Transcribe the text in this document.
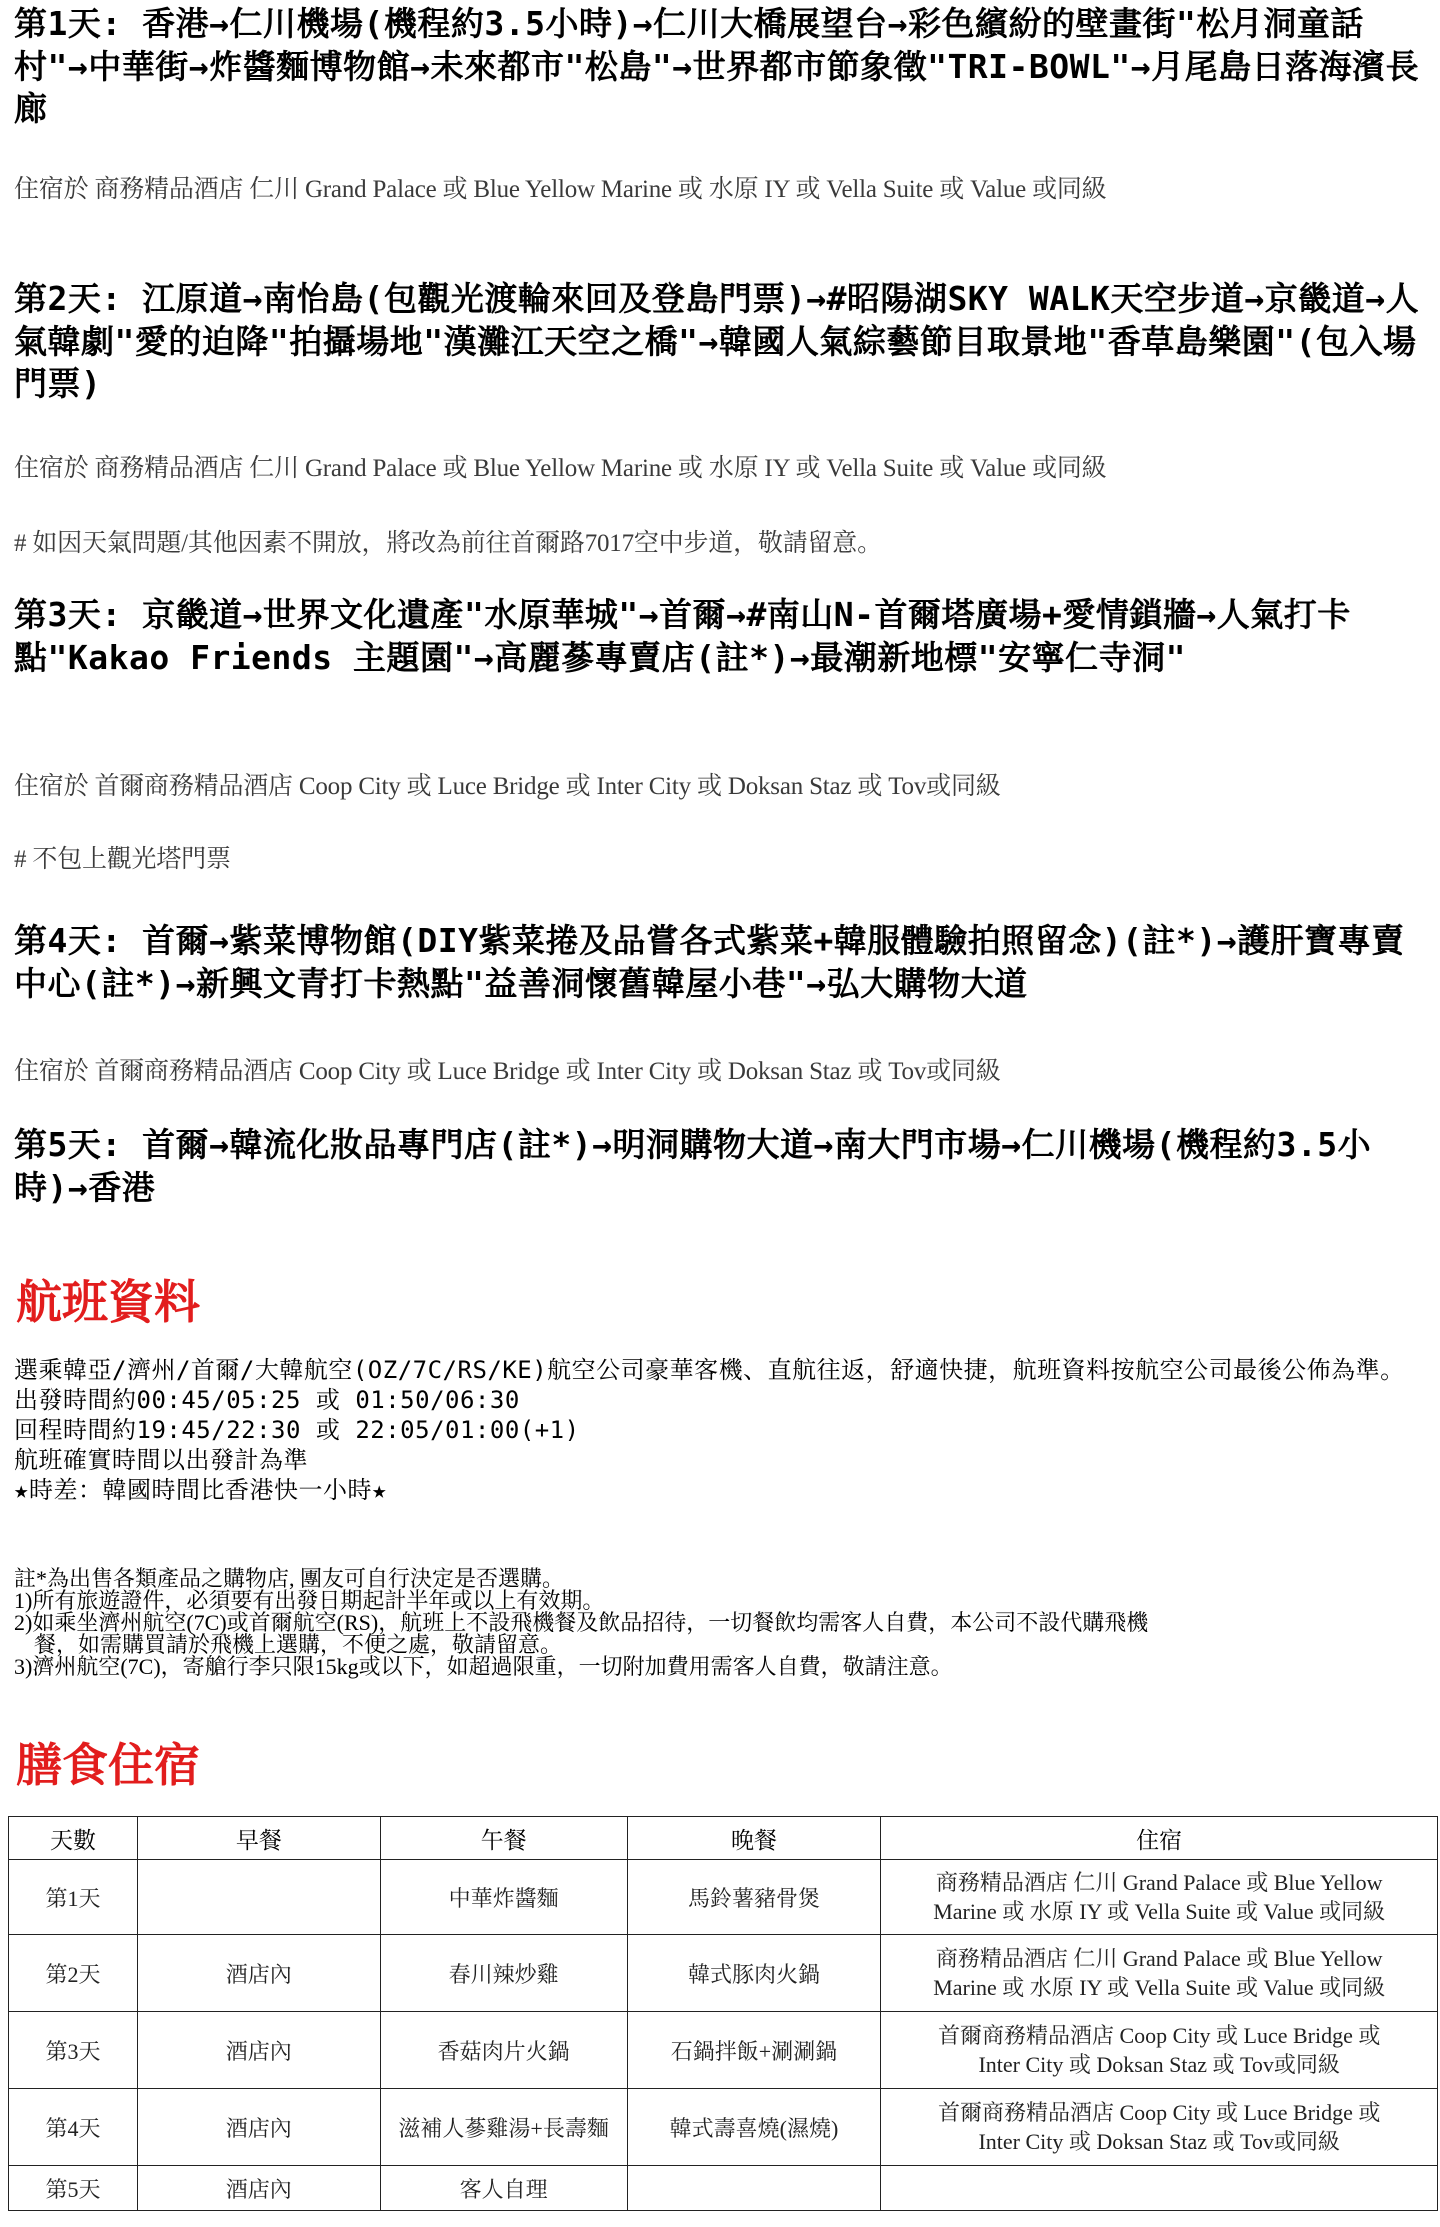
第1天: 香港→仁川機場(機程約3.5小時)→仁川大橋展望台→彩色繽紛的壁畫街"松月洞童話村"→中華街→炸醬麵博物館→未來都市"松島"→世界都市節象徵"TRI-BOWL"→月尾島日落海濱長廊

住宿於 商務精品酒店 仁川 Grand Palace 或 Blue Yellow Marine 或 水原 IY 或 Vella Suite 或 Value 或同級

第2天: 江原道→南怡島(包觀光渡輪來回及登島門票)→#昭陽湖SKY WALK天空步道→京畿道→人氣韓劇"愛的迫降"拍攝場地"漢灘江天空之橋"→韓國人氣綜藝節目取景地"香草島樂園"(包入場門票)

住宿於 商務精品酒店 仁川 Grand Palace 或 Blue Yellow Marine 或 水原 IY 或 Vella Suite 或 Value 或同級

# 如因天氣問題/其他因素不開放，將改為前往首爾路7017空中步道，敬請留意。

第3天: 京畿道→世界文化遺產"水原華城"→首爾→#南山N-首爾塔廣場+愛情鎖牆→人氣打卡點"Kakao Friends 主題園"→高麗蔘專賣店(註*)→最潮新地標"安寧仁寺洞"

住宿於 首爾商務精品酒店 Coop City 或 Luce Bridge 或 Inter City 或 Doksan Staz 或 Tov或同級

# 不包上觀光塔門票

第4天: 首爾→紫菜博物館(DIY紫菜捲及品嘗各式紫菜+韓服體驗拍照留念)(註*)→護肝寶專賣中心(註*)→新興文青打卡熱點"益善洞懷舊韓屋小巷"→弘大購物大道

住宿於 首爾商務精品酒店 Coop City 或 Luce Bridge 或 Inter City 或 Doksan Staz 或 Tov或同級

第5天: 首爾→韓流化妝品專門店(註*)→明洞購物大道→南大門市場→仁川機場(機程約3.5小時)→香港
航班資料
選乘韓亞/濟州/首爾/大韓航空(OZ/7C/RS/KE)航空公司豪華客機、直航往返，舒適快捷，航班資料按航空公司最後公佈為準。
出發時間約00:45/05:25 或 01:50/06:30
回程時間約19:45/22:30 或 22:05/01:00(+1)
航班確實時間以出發計為準
★時差：韓國時間比香港快一小時★
註*為出售各類產品之購物店, 團友可自行決定是否選購。
1)所有旅遊證件，必須要有出發日期起計半年或以上有效期。
2)如乘坐濟州航空(7C)或首爾航空(RS)，航班上不設飛機餐及飲品招待，一切餐飲均需客人自費，本公司不設代購飛機
餐，如需購買請於飛機上選購，不便之處，敬請留意。
3)濟州航空(7C)，寄艙行李只限15kg或以下，如超過限重，一切附加費用需客人自費，敬請注意。
膳食住宿
天數	早餐	午餐	晚餐	住宿
第1天		中華炸醬麵	馬鈴薯豬骨煲	商務精品酒店 仁川 Grand Palace 或 Blue Yellow
Marine 或 水原 IY 或 Vella Suite 或 Value 或同級

第2天	酒店內	春川辣炒雞	韓式豚肉火鍋	商務精品酒店 仁川 Grand Palace 或 Blue Yellow
Marine 或 水原 IY 或 Vella Suite 或 Value 或同級

第3天	酒店內	香菇肉片火鍋	石鍋拌飯+涮涮鍋	首爾商務精品酒店 Coop City 或 Luce Bridge 或
Inter City 或 Doksan Staz 或 Tov或同級

第4天	酒店內	滋補人蔘雞湯+長壽麵	韓式壽喜燒(濕燒)	首爾商務精品酒店 Coop City 或 Luce Bridge 或
Inter City 或 Doksan Staz 或 Tov或同級

第5天	酒店內	客人自理		
